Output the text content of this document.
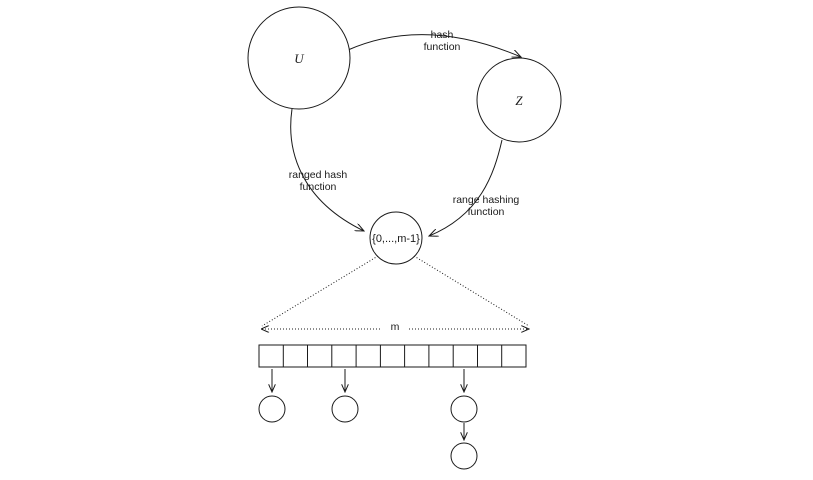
hash
function
ranged hash
function
range hashing
function
U
Z
{0,...,m-1}
m
